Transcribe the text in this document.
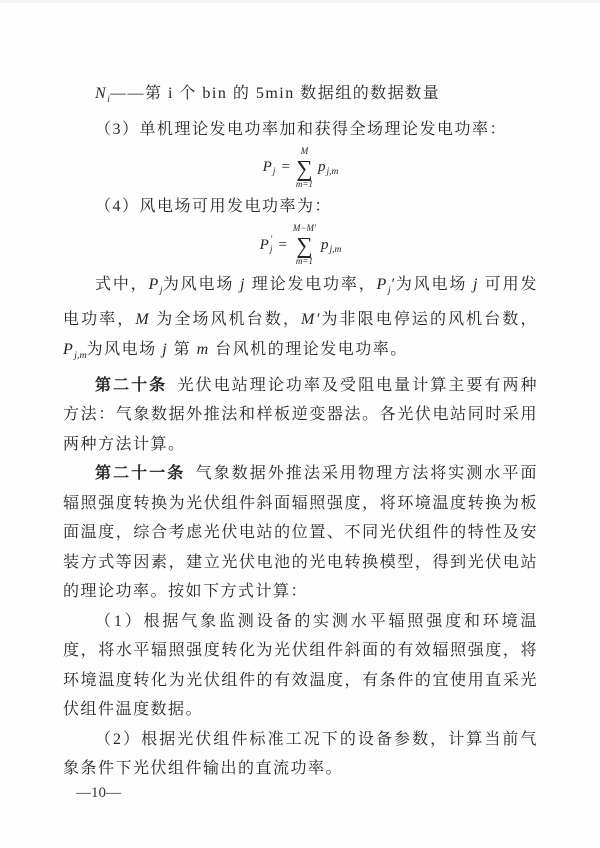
$N_i——$第 i 个 bin 的 5min 数据组的数据数量

（3）单机理论发电功率加和获得全场理论发电功率：

P j =
M
∑
m=1
p j,m

（4）风电场可用发电功率为：

P ′
j =
M−M′
∑
m=1
p j,m

式中，$P_j$为风电场 j 理论发电功率，$P_j'$为风电场 j 可用发电功率，M 为全场风机台数，M′为非限电停运的风机台数，$P_{j,m}$为风电场 j 第 m 台风机的理论发电功率。

第二十条 光伏电站理论功率及受阻电量计算主要有两种方法：气象数据外推法和样板逆变器法。各光伏电站同时采用两种方法计算。

第二十一条 气象数据外推法采用物理方法将实测水平面辐照强度转换为光伏组件斜面辐照强度，将环境温度转换为板面温度，综合考虑光伏电站的位置、不同光伏组件的特性及安装方式等因素，建立光伏电池的光电转换模型，得到光伏电站的理论功率。按如下方式计算：

（1）根据气象监测设备的实测水平辐照强度和环境温度，将水平辐照强度转化为光伏组件斜面的有效辐照强度，将环境温度转化为光伏组件的有效温度，有条件的宜使用直采光伏组件温度数据。

（2）根据光伏组件标准工况下的设备参数，计算当前气象条件下光伏组件输出的直流功率。

—10—
